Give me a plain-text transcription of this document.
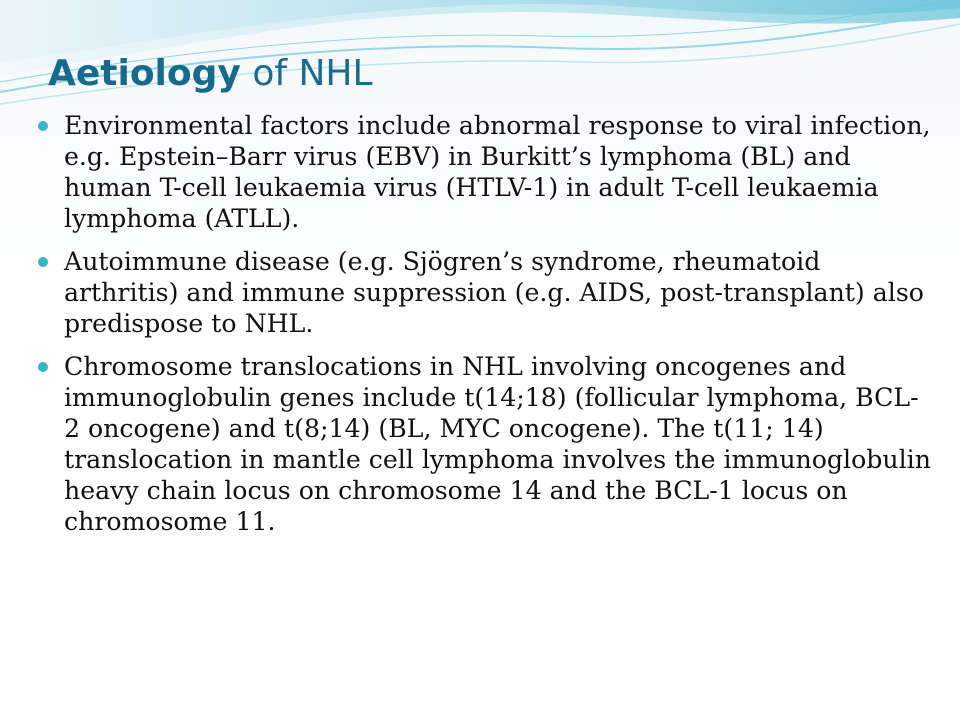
Aetiology of NHL
Environmental factors include abnormal response to viral infection, e.g. Epstein–Barr virus (EBV) in Burkitt’s lymphoma (BL) and human T-cell leukaemia virus (HTLV-1) in adult T-cell leukaemia lymphoma (ATLL).
Autoimmune disease (e.g. Sjögren’s syndrome, rheumatoid arthritis) and immune suppression (e.g. AIDS, post-transplant) also predispose to NHL.
Chromosome translocations in NHL involving oncogenes and immunoglobulin genes include t(14;18) (follicular lymphoma, BCL-2 oncogene) and t(8;14) (BL, MYC oncogene). The t(11; 14) translocation in mantle cell lymphoma involves the immunoglobulin heavy chain locus on chromosome 14 and the BCL-1 locus on chromosome 11.
